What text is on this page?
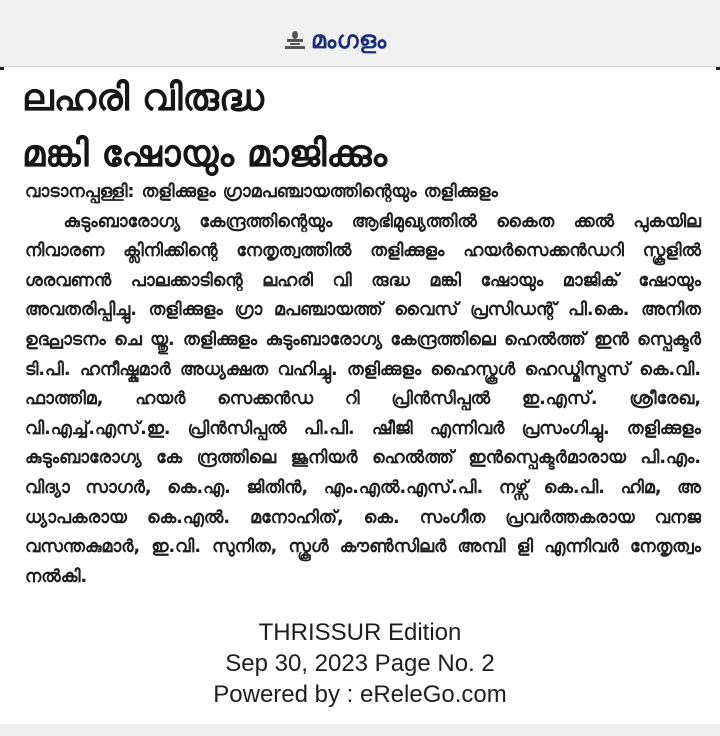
മംഗളം
ലഹരി വിരുദ്ധ
മങ്കി ഷോയും മാജിക്കും

വാടാനപ്പള്ളി: തളിക്കുളം ഗ്രാമപഞ്ചായത്തിന്റെയും തളിക്കുളം

കുടുംബാരോഗ്യ കേന്ദ്രത്തിന്റെയും ആഭിമുഖ്യത്തിൽ കൈത ക്കൽ പുകയില നിവാരണ ക്ലിനിക്കിന്റെ നേതൃത്വത്തിൽ തളിക്കുളം ഹയർസെക്കൻഡറി സ്കൂളിൽ ശരവണൻ പാലക്കാടിന്റെ ലഹരി വി രുദ്ധ മങ്കി ഷോയും മാജിക് ഷോയും അവതരിപ്പിച്ചു. തളിക്കുളം ഗ്രാ മപഞ്ചായത്ത് വൈസ് പ്രസിഡന്റ് പി.കെ. അനിത ഉദ്ഘാടനം ചെ യ്തു. തളിക്കുളം കുടുംബാരോഗ്യ കേന്ദ്രത്തിലെ ഹെൽത്ത് ഇൻ സ്പെക്ടർ ടി.പി. ഹനീഷ്കുമാർ അധ്യക്ഷത വഹിച്ചു. തളിക്കുളം ഹൈസ്കൂൾ ഹെഡ്മിസ്ട്രസ് കെ.വി. ഫാത്തിമ, ഹയർ സെക്കൻഡ റി പ്രിൻസിപ്പൽ ഇ.എസ്. ശ്രീരേഖ, വി.എച്ച്.എസ്.ഇ. പ്രിൻസിപ്പൽ പി.പി. ഷീജി എന്നിവർ പ്രസംഗിച്ചു. തളിക്കുളം കുടുംബാരോഗ്യ കേ ന്ദ്രത്തിലെ ജൂനിയർ ഹെൽത്ത് ഇൻസ്പെക്ടർമാരായ പി.എം. വിദ്യാ സാഗർ, കെ.എ. ജിതിൻ, എം.എൽ.എസ്.പി. നഴ്സ് കെ.പി. ഹിമ, അ ധ്യാപകരായ കെ.എൽ. മനോഹിത്, കെ. സംഗീത പ്രവർത്തകരായ വനജ വസന്തകുമാർ, ഇ.വി. സുനിത, സ്കൂൾ കൗൺസിലർ അമ്പി ളി എന്നിവർ നേതൃത്വം നൽകി.

THRISSUR Edition
Sep 30, 2023 Page No. 2
Powered by : eReleGo.com
